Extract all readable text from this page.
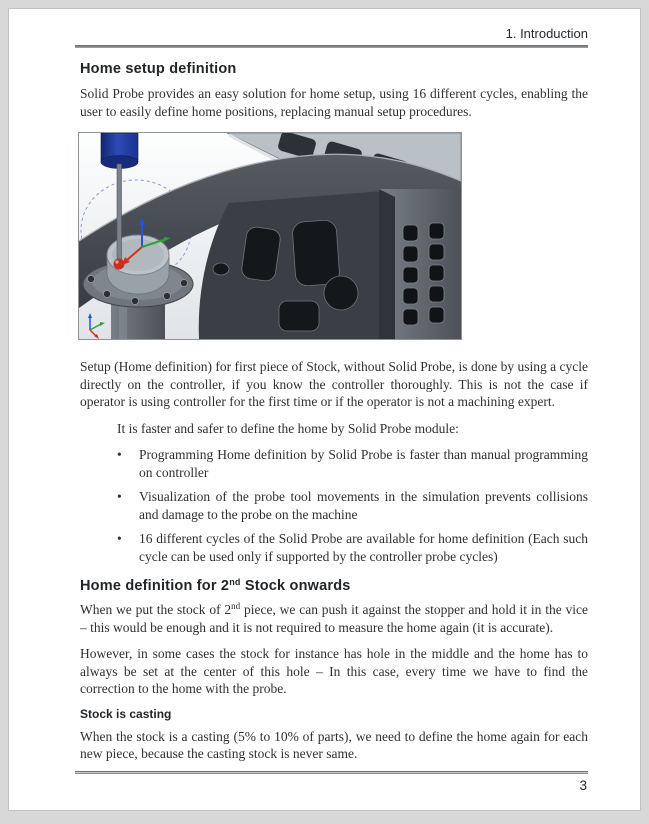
1. Introduction
Home setup definition

Solid Probe provides an easy solution for home setup, using 16 different cycles, enabling the user to easily define home positions, replacing manual setup procedures.

Setup (Home definition) for first piece of Stock, without Solid Probe, is done by using a cycle directly on the controller, if you know the controller thoroughly. This is not the case if operator is using controller for the first time or if the operator is not a machining expert.

It is faster and safer to define the home by Solid Probe module:

•	Programming Home definition by Solid Probe is faster than manual programming on controller
•	Visualization of the probe tool movements in the simulation prevents collisions and damage to the probe on the machine
•	16 different cycles of the Solid Probe are available for home definition (Each such cycle can be used only if supported by the controller probe cycles)
Home definition for 2nd Stock onwards

When we put the stock of 2nd piece, we can push it against the stopper and hold it in the vice – this would be enough and it is not required to measure the home again (it is accurate).

However, in some cases the stock for instance has hole in the middle and the home has to always be set at the center of this hole – In this case, every time we have to find the correction to the home with the probe.

Stock is casting

When the stock is a casting (5% to 10% of parts), we need to define the home again for each new piece, because the casting stock is never same.

3
